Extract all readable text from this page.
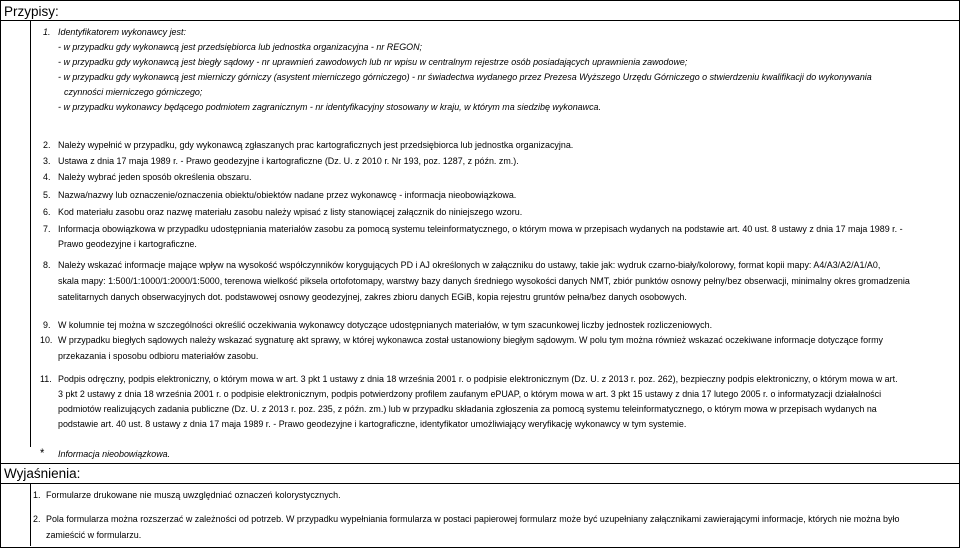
Przypisy:
1. Identyfikatorem wykonawcy jest:
- w przypadku gdy wykonawcą jest przedsiębiorca lub jednostka organizacyjna - nr REGON;
- w przypadku gdy wykonawcą jest biegły sądowy - nr uprawnień zawodowych lub nr wpisu w centralnym rejestrze osób posiadających uprawnienia zawodowe;
- w przypadku gdy wykonawcą jest mierniczy górniczy (asystent mierniczego górniczego) - nr świadectwa wydanego przez Prezesa Wyższego Urzędu Górniczego o stwierdzeniu kwalifikacji do wykonywania
czynności mierniczego górniczego;
- w przypadku wykonawcy będącego podmiotem zagranicznym - nr identyfikacyjny stosowany w kraju, w którym ma siedzibę wykonawca.
2. Należy wypełnić w przypadku, gdy wykonawcą zgłaszanych prac kartograficznych jest przedsiębiorca lub jednostka organizacyjna.
3. Ustawa z dnia 17 maja 1989 r. - Prawo geodezyjne i kartograficzne (Dz. U. z 2010 r. Nr 193, poz. 1287, z późn. zm.).
4. Należy wybrać jeden sposób określenia obszaru.
5. Nazwa/nazwy lub oznaczenie/oznaczenia obiektu/obiektów nadane przez wykonawcę - informacja nieobowiązkowa.
6. Kod materiału zasobu oraz nazwę materiału zasobu należy wpisać z listy stanowiącej załącznik do niniejszego wzoru.
7. Informacja obowiązkowa w przypadku udostępniania materiałów zasobu za pomocą systemu teleinformatycznego, o którym mowa w przepisach wydanych na podstawie art. 40 ust. 8 ustawy z dnia 17 maja 1989 r. -
Prawo geodezyjne i kartograficzne.
8. Należy wskazać informacje mające wpływ na wysokość współczynników korygujących PD i AJ określonych w załączniku do ustawy, takie jak: wydruk czarno-biały/kolorowy, format kopii mapy: A4/A3/A2/A1/A0,
skala mapy: 1:500/1:1000/1:2000/1:5000, terenowa wielkość piksela ortofotomapy, warstwy bazy danych średniego wysokości danych NMT, zbiór punktów osnowy pełny/bez obserwacji, minimalny okres gromadzenia
satelitarnych danych obserwacyjnych dot. podstawowej osnowy geodezyjnej, zakres zbioru danych EGiB, kopia rejestru gruntów pełna/bez danych osobowych.
9. W kolumnie tej można w szczególności określić oczekiwania wykonawcy dotyczące udostępnianych materiałów, w tym szacunkowej liczby jednostek rozliczeniowych.
10. W przypadku biegłych sądowych należy wskazać sygnaturę akt sprawy, w której wykonawca został ustanowiony biegłym sądowym. W polu tym można również wskazać oczekiwane informacje dotyczące formy
przekazania i sposobu odbioru materiałów zasobu.
11. Podpis odręczny, podpis elektroniczny, o którym mowa w art. 3 pkt 1 ustawy z dnia 18 września 2001 r. o podpisie elektronicznym (Dz. U. z 2013 r. poz. 262), bezpieczny podpis elektroniczny, o którym mowa w art.
3 pkt 2 ustawy z dnia 18 września 2001 r. o podpisie elektronicznym, podpis potwierdzony profilem zaufanym ePUAP, o którym mowa w art. 3 pkt 15 ustawy z dnia 17 lutego 2005 r. o informatyzacji działalności
podmiotów realizujących zadania publiczne (Dz. U. z 2013 r. poz. 235, z późn. zm.) lub w przypadku składania zgłoszenia za pomocą systemu teleinformatycznego, o którym mowa w przepisach wydanych na
podstawie art. 40 ust. 8 ustawy z dnia 17 maja 1989 r. - Prawo geodezyjne i kartograficzne, identyfikator umożliwiający weryfikację wykonawcy w tym systemie.
* Informacja nieobowiązkowa.
Wyjaśnienia:
1. Formularze drukowane nie muszą uwzględniać oznaczeń kolorystycznych.
2. Pola formularza można rozszerzać w zależności od potrzeb. W przypadku wypełniania formularza w postaci papierowej formularz może być uzupełniany załącznikami zawierającymi informacje, których nie można było
zamieścić w formularzu.
